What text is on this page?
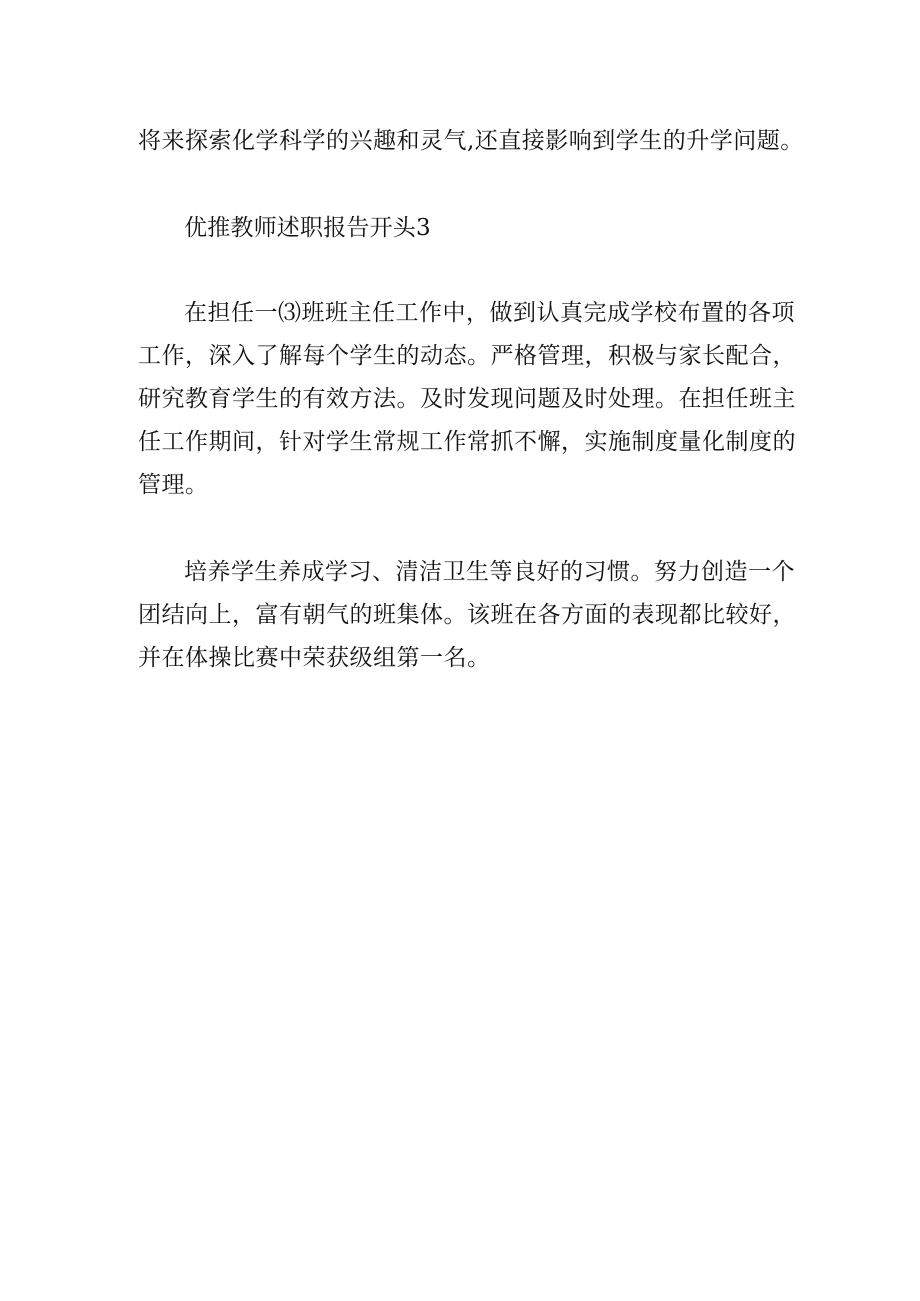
将来探索化学科学的兴趣和灵气,还直接影响到学生的升学问题。
优推教师述职报告开头3
在担任一⑶班班主任工作中，做到认真完成学校布置的各项
工作，深入了解每个学生的动态。严格管理，积极与家长配合，
研究教育学生的有效方法。及时发现问题及时处理。在担任班主
任工作期间，针对学生常规工作常抓不懈，实施制度量化制度的
管理。
培养学生养成学习、清洁卫生等良好的习惯。努力创造一个
团结向上，富有朝气的班集体。该班在各方面的表现都比较好，
并在体操比赛中荣获级组第一名。
